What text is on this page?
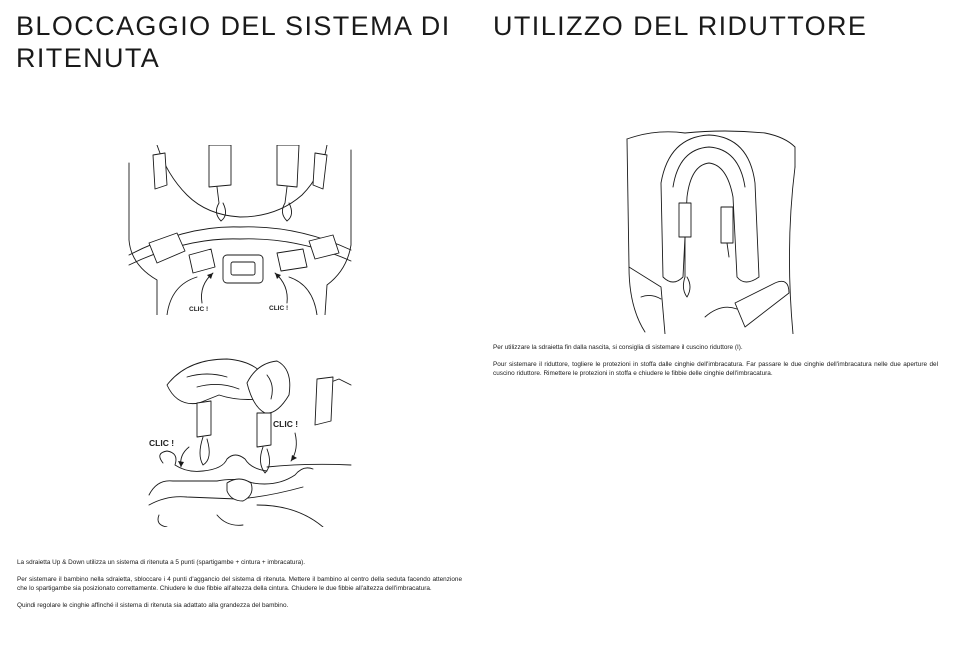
BLOCCAGGIO DEL SISTEMA DI RITENUTA
UTILIZZO DEL RIDUTTORE
CLIC !	CLIC !
CLIC !
CLIC !

La sdraietta Up & Down utilizza un sistema di ritenuta a 5 punti (spartigambe + cintura + imbracatura).

Per sistemare il bambino nella sdraietta, sbloccare i 4 punti d'aggancio del sistema di ritenuta. Mettere il bambino al centro della seduta facendo attenzione che lo spartigambe sia posizionato correttamente. Chiudere le due fibbie all'altezza della cintura. Chiudere le due fibbie all'altezza dell'imbracatura.

Quindi regolare le cinghie affinché il sistema di ritenuta sia adattato alla grandezza del bambino.

Per utilizzare la sdraietta fin dalla nascita, si consiglia di sistemare il cuscino riduttore (I).

Pour sistemare il riduttore, togliere le protezioni in stoffa dalle cinghie dell'imbracatura. Far passare le due cinghie dell'imbracatura nelle due aperture del cuscino riduttore. Rimettere le protezioni in stoffa e chiudere le fibbie delle cinghie dell'imbracatura.
